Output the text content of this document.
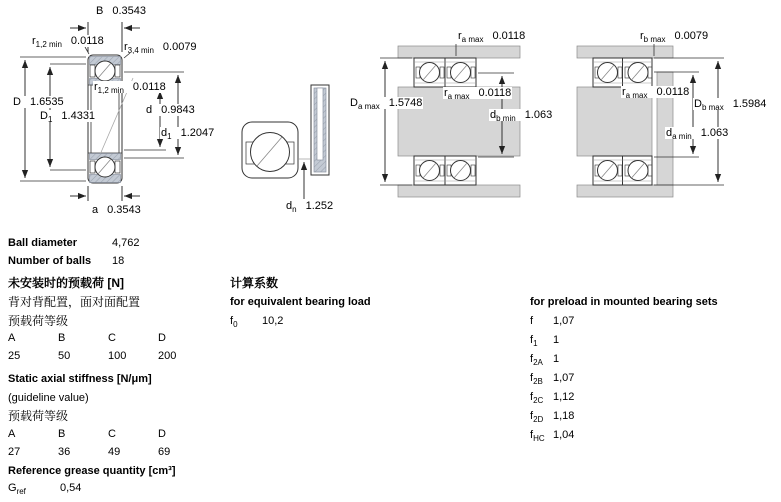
B 0.3543
$r_{1,2 min}$ 0.0118 $r_{3,4 min}$ 0.0079
D 1.6535
$D_1$ 1.4331
$r_{1,2 min}$ 0.0118
d 0.9843
$d_1$ 1.2047
a 0.3543	$d_n$ 1.252
$r_{a max}$ 0.0118
$D_{a max}$ 1.5748
$r_{a max}$ 0.0118
$d_{b min}$ 1.063
$r_{b max}$ 0.0079
$r_{a max}$ 0.0118
$D_{b max}$ 1.5984
$d_{a min}$ 1.063
Ball diameter	4,762
Number of balls 18
未安装时的预载荷 [N]
背对背配置，面对面配置
预载荷等级
A	B	C	D
25	50	100	200
Static axial stiffness [N/μm]
(guideline value)
预载荷等级
A	B	C	D
27	36	49	69
Reference grease quantity [cm³]
$G_{ref}$	0,54
计算系数
for equivalent bearing load
$f_0$ 10,2
for preload in mounted bearing sets
f 1,07
$f_1$ 1
$f_{2A}$ 1
$f_{2B}$ 1,07
$f_{2C}$ 1,12
$f_{2D}$ 1,18
$f_{HC}$ 1,04
